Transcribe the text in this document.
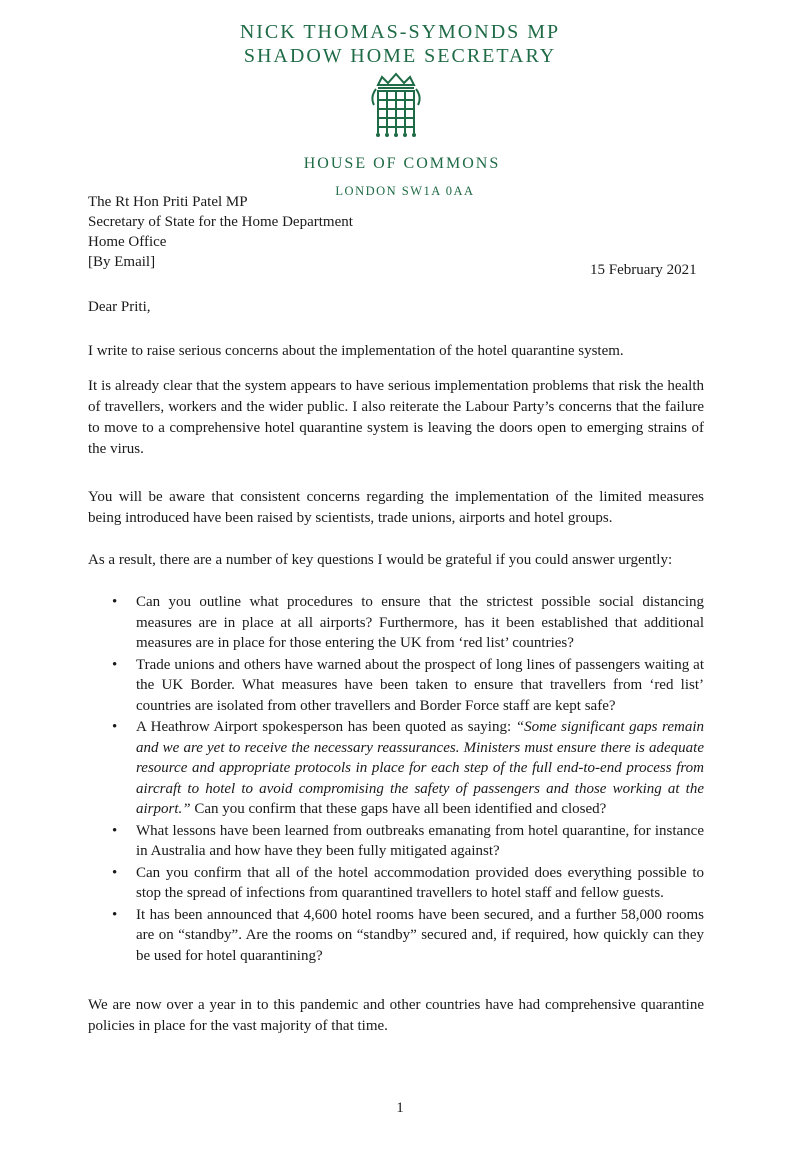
NICK THOMAS-SYMONDS MP
SHADOW HOME SECRETARY
HOUSE OF COMMONS
LONDON SW1A 0AA
The Rt Hon Priti Patel MP
Secretary of State for the Home Department
Home Office
[By Email]	15 February 2021
Dear Priti,
I write to raise serious concerns about the implementation of the hotel quarantine system.
It is already clear that the system appears to have serious implementation problems that risk the health of travellers, workers and the wider public. I also reiterate the Labour Party’s concerns that the failure to move to a comprehensive hotel quarantine system is leaving the doors open to emerging strains of the virus.
You will be aware that consistent concerns regarding the implementation of the limited measures being introduced have been raised by scientists, trade unions, airports and hotel groups.
As a result, there are a number of key questions I would be grateful if you could answer urgently:
• Can you outline what procedures to ensure that the strictest possible social distancing measures are in place at all airports? Furthermore, has it been established that additional measures are in place for those entering the UK from ‘red list’ countries?
• Trade unions and others have warned about the prospect of long lines of passengers waiting at the UK Border. What measures have been taken to ensure that travellers from ‘red list’ countries are isolated from other travellers and Border Force staff are kept safe?
• A Heathrow Airport spokesperson has been quoted as saying: “Some significant gaps remain and we are yet to receive the necessary reassurances. Ministers must ensure there is adequate resource and appropriate protocols in place for each step of the full end-to-end process from aircraft to hotel to avoid compromising the safety of passengers and those working at the airport.” Can you confirm that these gaps have all been identified and closed?
• What lessons have been learned from outbreaks emanating from hotel quarantine, for instance in Australia and how have they been fully mitigated against?
• Can you confirm that all of the hotel accommodation provided does everything possible to stop the spread of infections from quarantined travellers to hotel staff and fellow guests.
• It has been announced that 4,600 hotel rooms have been secured, and a further 58,000 rooms are on “standby”. Are the rooms on “standby” secured and, if required, how quickly can they be used for hotel quarantining?
We are now over a year in to this pandemic and other countries have had comprehensive quarantine policies in place for the vast majority of that time.
1
